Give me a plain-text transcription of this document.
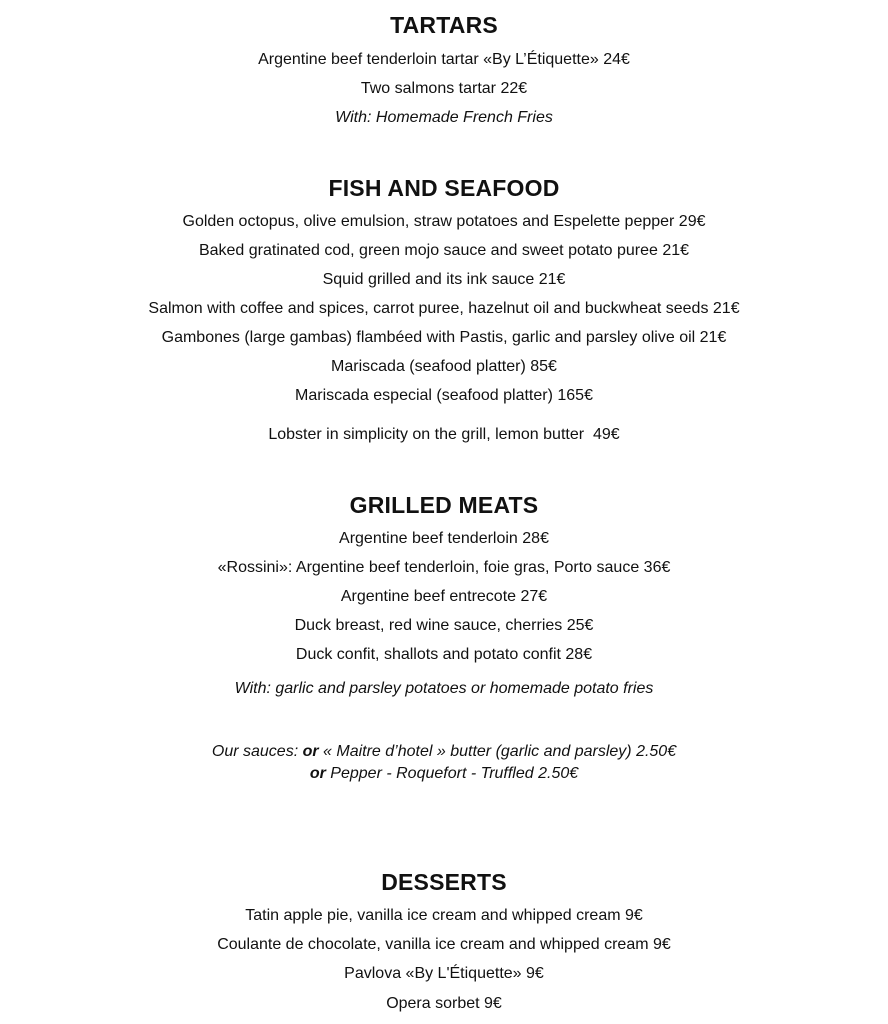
TARTARS
Argentine beef tenderloin tartar «By L’Étiquette» 24€
Two salmons tartar 22€
With: Homemade French Fries
FISH AND SEAFOOD
Golden octopus, olive emulsion, straw potatoes and Espelette pepper 29€
Baked gratinated cod, green mojo sauce and sweet potato puree 21€
Squid grilled and its ink sauce 21€
Salmon with coffee and spices, carrot puree, hazelnut oil and buckwheat seeds 21€
Gambones (large gambas) flambéed with Pastis, garlic and parsley olive oil 21€
Mariscada (seafood platter) 85€
Mariscada especial (seafood platter) 165€
Lobster in simplicity on the grill, lemon butter  49€
GRILLED MEATS
Argentine beef tenderloin 28€
«Rossini»: Argentine beef tenderloin, foie gras, Porto sauce 36€
Argentine beef entrecote 27€
Duck breast, red wine sauce, cherries 25€
Duck confit, shallots and potato confit 28€
With: garlic and parsley potatoes or homemade potato fries
Our sauces: or « Maitre d’hotel » butter (garlic and parsley) 2.50€
or Pepper - Roquefort - Truffled 2.50€
DESSERTS
Tatin apple pie, vanilla ice cream and whipped cream 9€
Coulante de chocolate, vanilla ice cream and whipped cream 9€
Pavlova «By L'Étiquette» 9€
Opera sorbet 9€
